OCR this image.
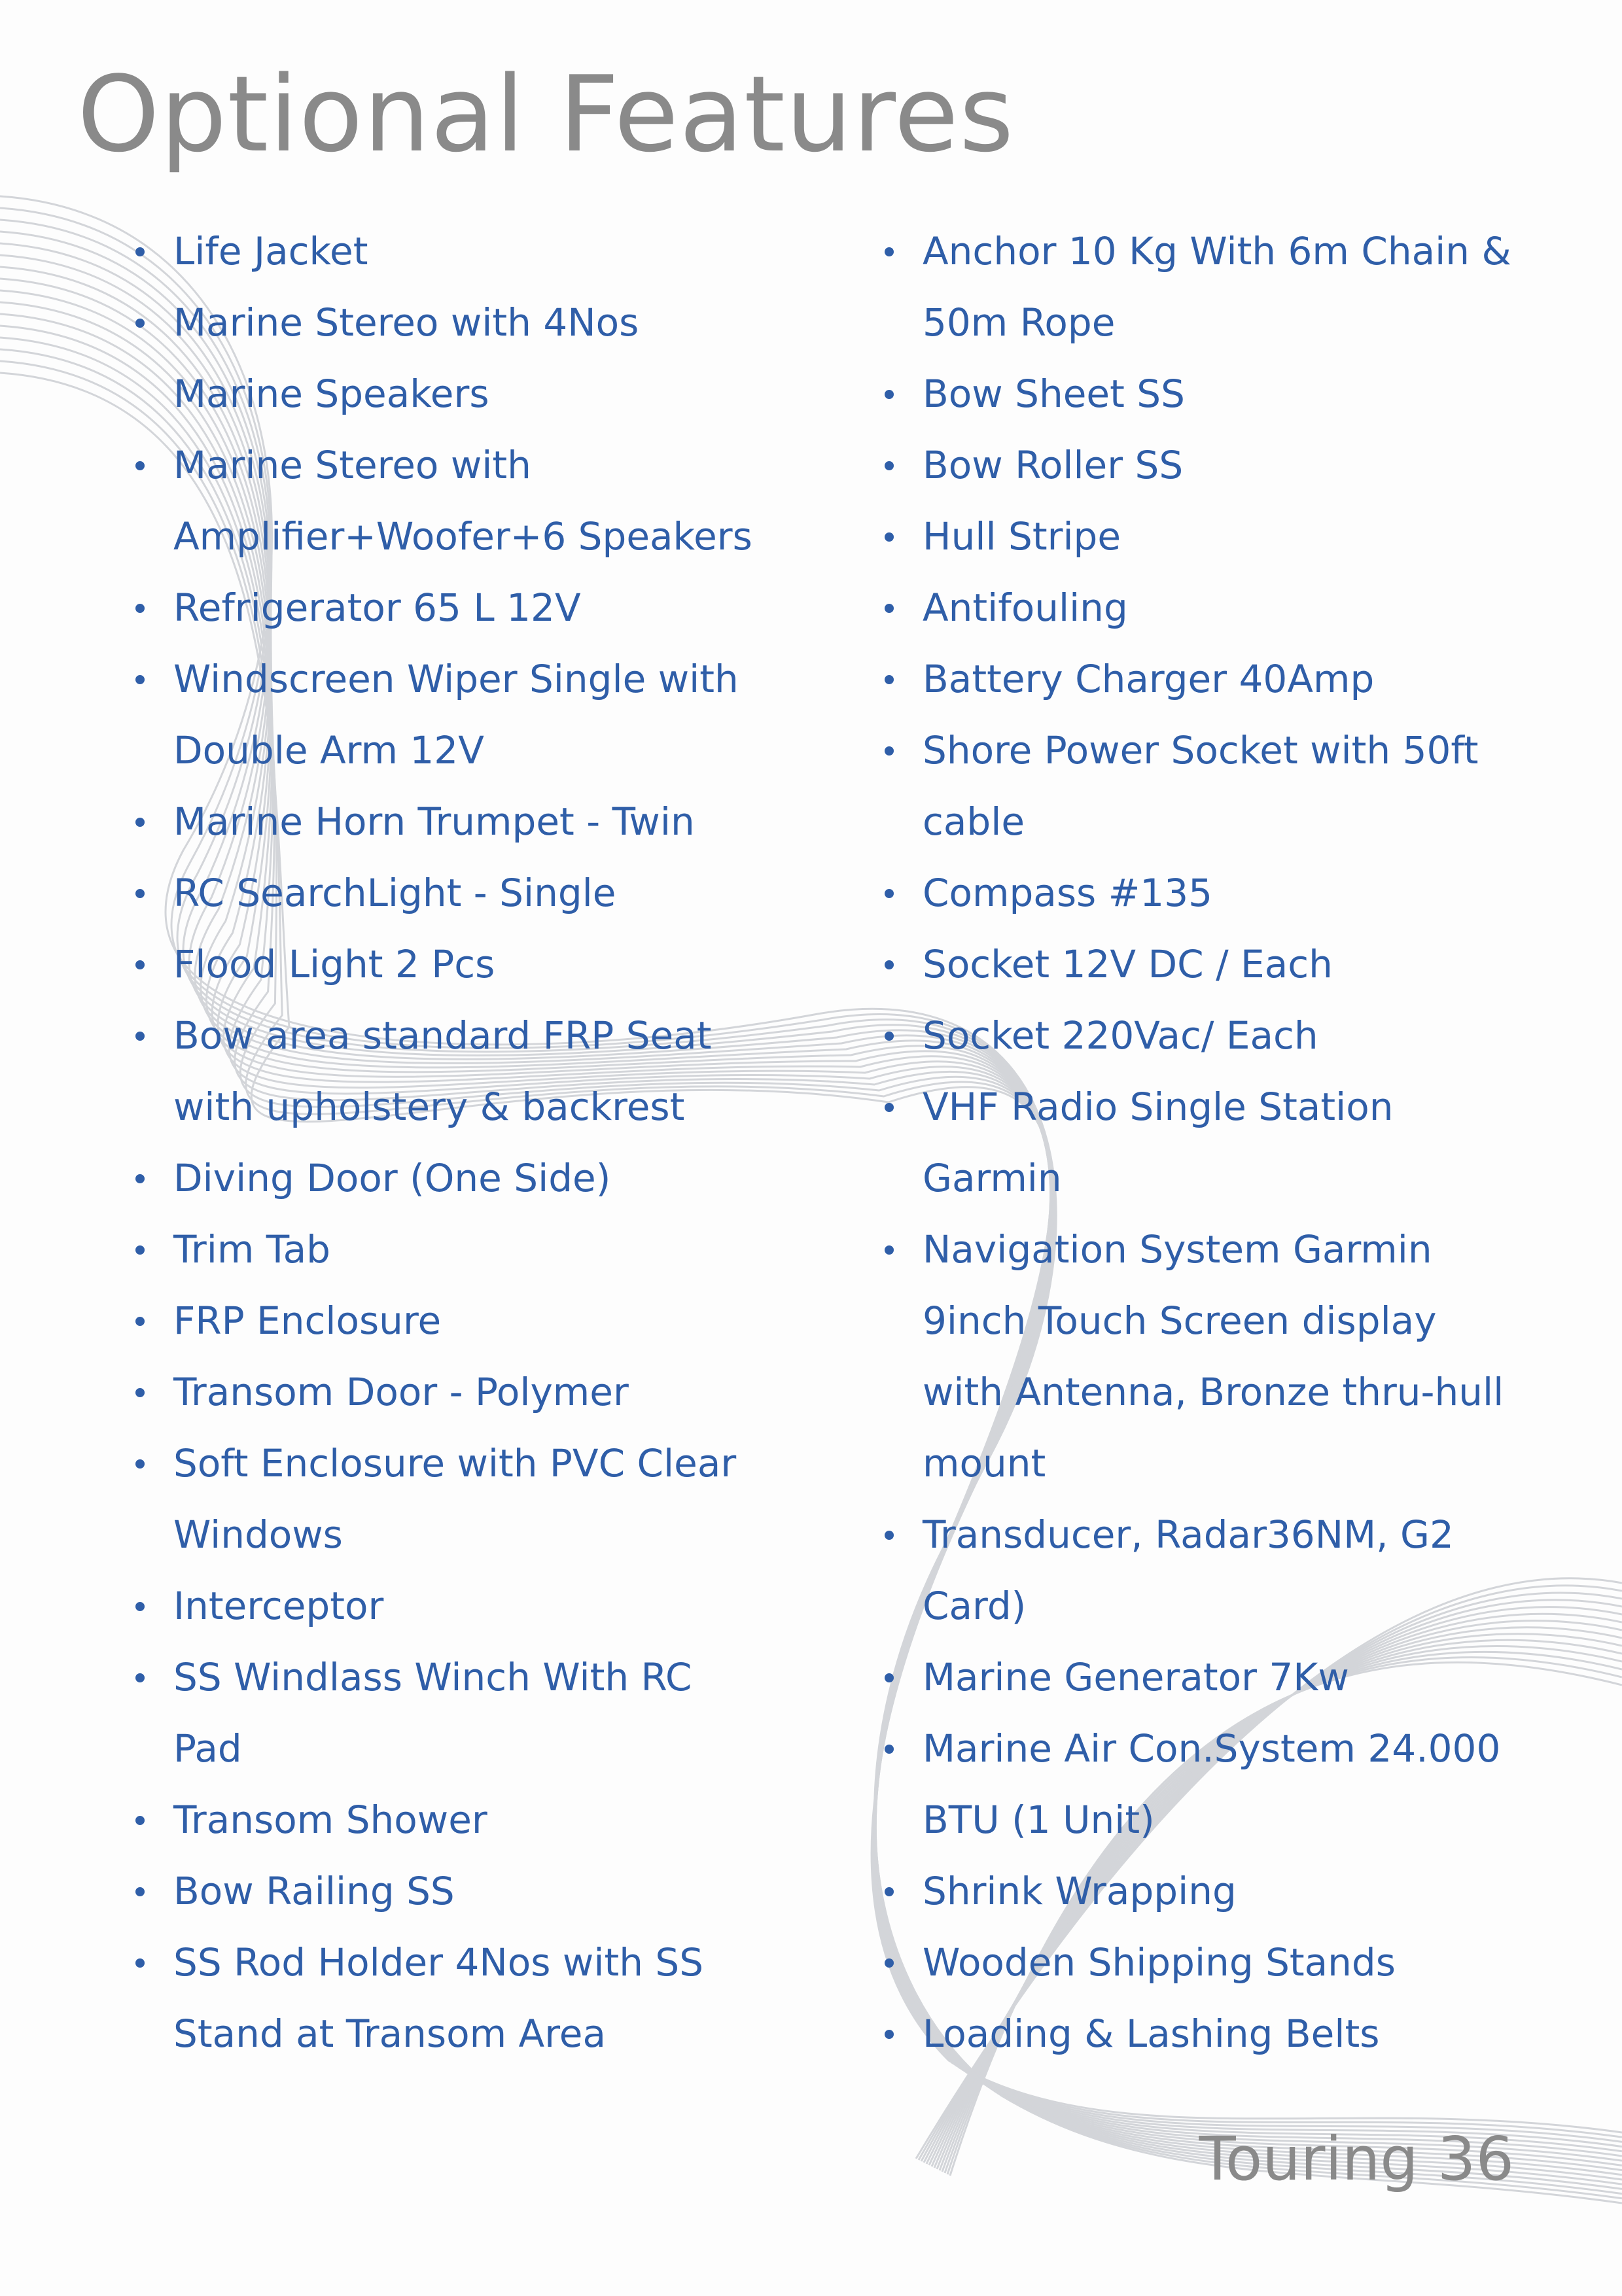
Optional Features
Life Jacket
Marine Stereo with 4Nos
Marine Speakers
Marine Stereo with
Amplifier+Woofer+6 Speakers
Refrigerator 65 L 12V
Windscreen Wiper Single with
Double Arm 12V
Marine Horn Trumpet - Twin
RC SearchLight - Single
Flood Light 2 Pcs
Bow area standard FRP Seat
with upholstery & backrest
Diving Door (One Side)
Trim Tab
FRP Enclosure
Transom Door - Polymer
Soft Enclosure with PVC Clear
Windows
Interceptor
SS Windlass Winch With RC
Pad
Transom Shower
Bow Railing SS
SS Rod Holder 4Nos with SS
Stand at Transom Area
Anchor 10 Kg With 6m Chain &
50m Rope
Bow Sheet SS
Bow Roller SS
Hull Stripe
Antifouling
Battery Charger 40Amp
Shore Power Socket with 50ft
cable
Compass #135
Socket 12V DC / Each
Socket 220Vac/ Each
VHF Radio Single Station
Garmin
Navigation System Garmin
9inch Touch Screen display
with Antenna, Bronze thru-hull
mount
Transducer, Radar36NM, G2
Card)
Marine Generator 7Kw
Marine Air Con.System 24.000
BTU (1 Unit)
Shrink Wrapping
Wooden Shipping Stands
Loading & Lashing Belts
Touring 36
